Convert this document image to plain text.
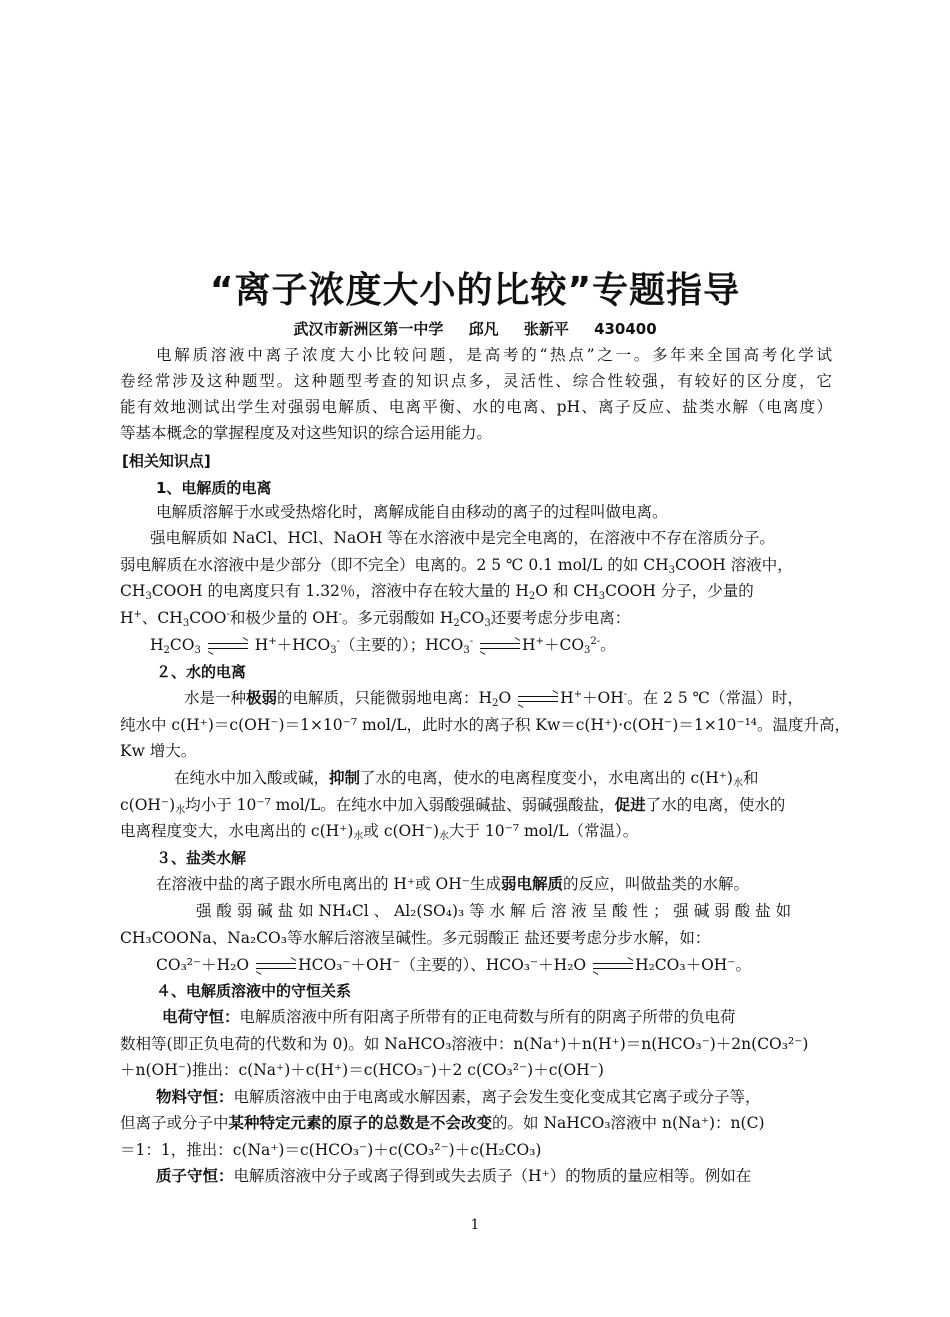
“离子浓度大小的比较”专题指导
武汉市新洲区第一中学 邱凡 张新平 430400
电解质溶液中离子浓度大小比较问题，是高考的“热点”之一。多年来全国高考化学试
卷经常涉及这种题型。这种题型考查的知识点多，灵活性、综合性较强，有较好的区分度，它
能有效地测试出学生对强弱电解质、电离平衡、水的电离、pH、离子反应、盐类水解（电离度）
等基本概念的掌握程度及对这些知识的综合运用能力。
[相关知识点]
1、电解质的电离
电解质溶解于水或受热熔化时，离解成能自由移动的离子的过程叫做电离。
强电解质如 NaCl、HCl、NaOH 等在水溶液中是完全电离的，在溶液中不存在溶质分子。
弱电解质在水溶液中是少部分（即不完全）电离的。2 5 ℃ 0.1 mol/L 的如 $CH_3COOH$ 溶液中，
$CH_3COOH$ 的电离度只有 1.32％，溶液中存在较大量的 $H_2O$ 和 $CH_3COOH$ 分子，少量的
H+、$CH_3COO^-$和极少量的 OH-。多元弱酸如 $H_2CO_3$还要考虑分步电离：
$H_2CO_3$	$H^++HCO_3^-$（主要的）；$HCO_3^-$	$H^++CO_3^{2-}$。
２、水的电离
水是一种极弱的电解质，只能微弱地电离：$H_2O$	H+＋OH-。在 2 5 ℃（常温）时，
纯水中 c(H⁺)＝c(OH⁻)＝1×10⁻⁷ mol/L，此时水的离子积 Kw＝c(H⁺)·c(OH⁻)＝1×10⁻¹⁴。温度升高，
Kw 增大。
在纯水中加入酸或碱，抑制了水的电离，使水的电离程度变小，水电离出的 $c(H^+)_水$和
$c(OH^-)_水$均小于 10⁻⁷ mol/L。在纯水中加入弱酸强碱盐、弱碱强酸盐，促进了水的电离，使水的
电离程度变大，水电离出的 $c(H^+)_水$或 $c(OH^-)_水$大于 10⁻⁷ mol/L（常温）。
３、盐类水解
在溶液中盐的离子跟水所电离出的 H⁺或 OH⁻生成弱电解质的反应，叫做盐类的水解。
强 酸 弱 碱 盐 如 NH₄Cl 、 Al₂(SO₄)₃ 等 水 解 后 溶 液 呈 酸 性 ； 强 碱 弱 酸 盐 如
CH₃COONa、Na₂CO₃等水解后溶液呈碱性。多元弱酸正 盐还要考虑分步水解，如：
CO₃²⁻＋H₂O	HCO₃⁻＋OH⁻（主要的）、HCO₃⁻＋H₂O	H₂CO₃＋OH⁻。
４、电解质溶液中的守恒关系
电荷守恒：电解质溶液中所有阳离子所带有的正电荷数与所有的阴离子所带的负电荷
数相等(即正负电荷的代数和为 0)。如 NaHCO₃溶液中：n(Na⁺)＋n(H⁺)＝n(HCO₃⁻)＋2n(CO₃²⁻)
＋n(OH⁻)推出：c(Na⁺)＋c(H⁺)＝c(HCO₃⁻)＋2 c(CO₃²⁻)＋c(OH⁻)
物料守恒：电解质溶液中由于电离或水解因素，离子会发生变化变成其它离子或分子等，
但离子或分子中某种特定元素的原子的总数是不会改变的。如 NaHCO₃溶液中 n(Na⁺)：n(C)
＝1：1，推出：c(Na⁺)＝c(HCO₃⁻)＋c(CO₃²⁻)＋c(H₂CO₃)
质子守恒：电解质溶液中分子或离子得到或失去质子（H⁺）的物质的量应相等。例如在
1
